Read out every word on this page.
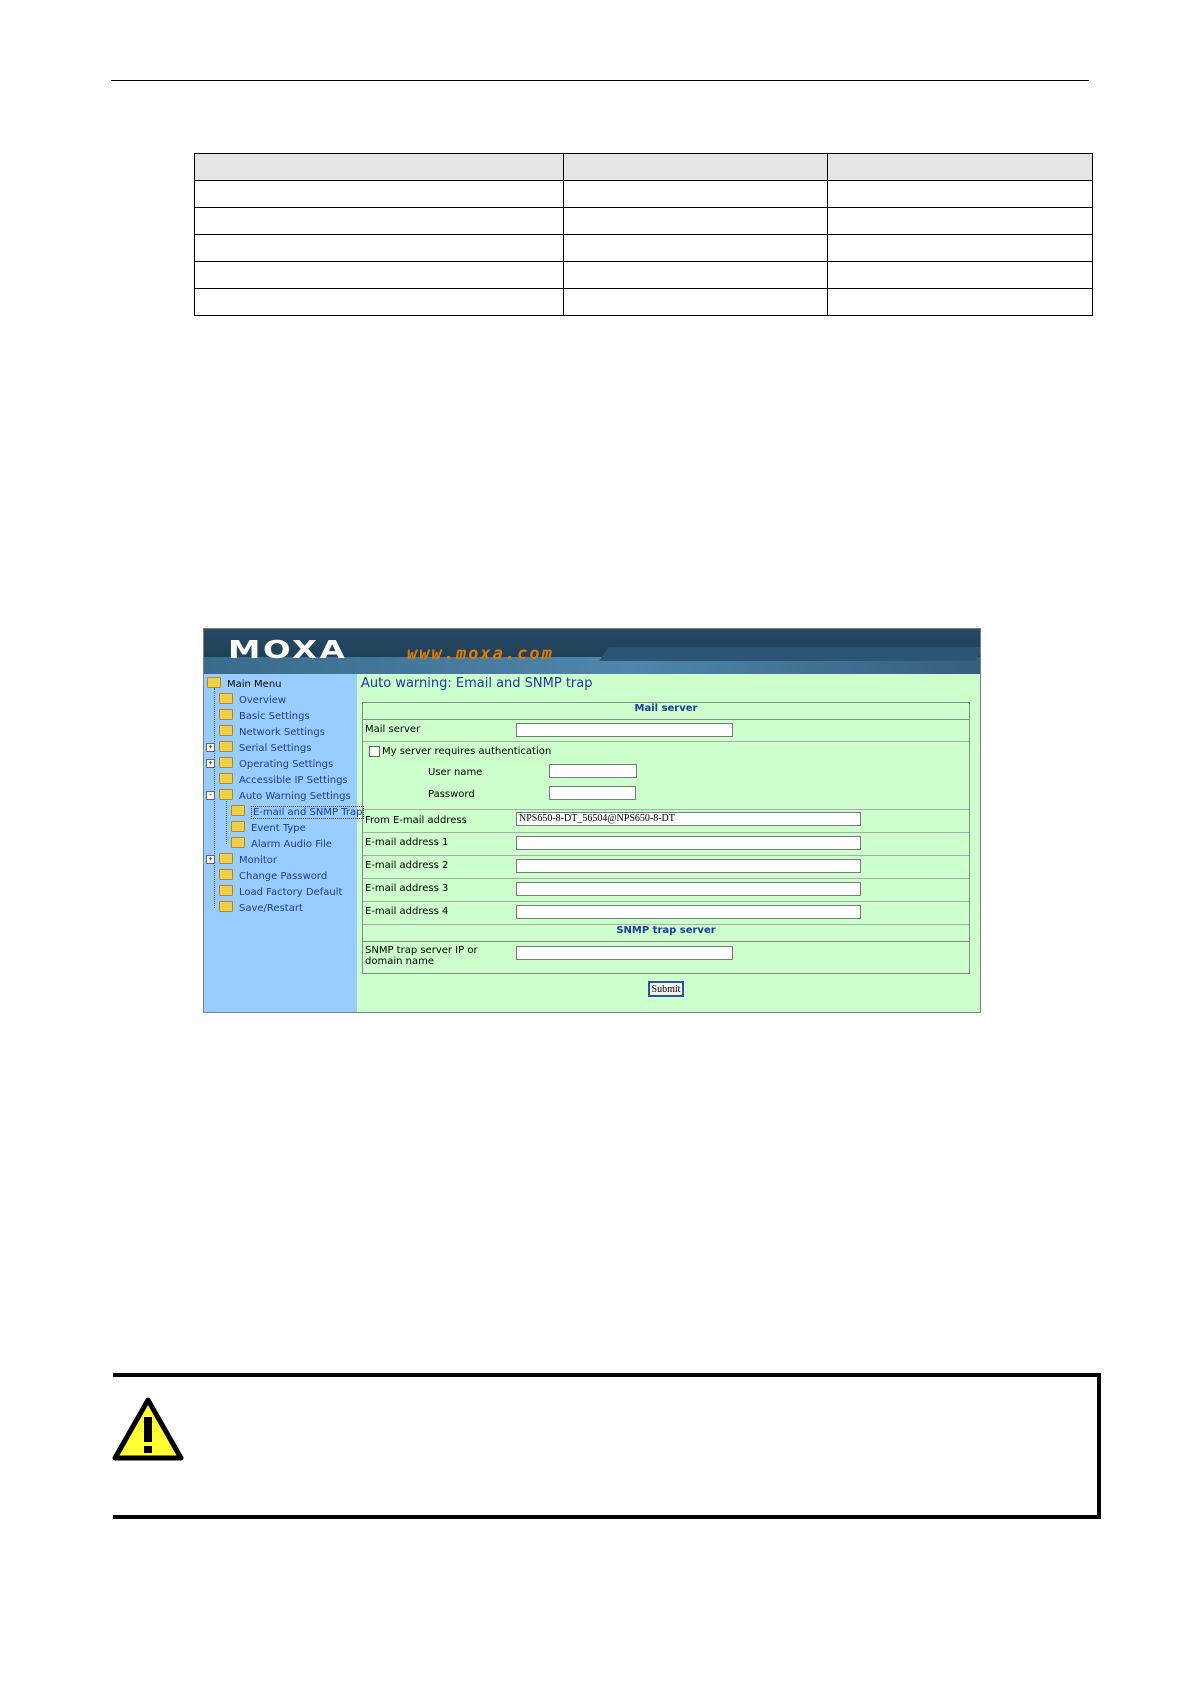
MOXA	www.moxa.com
Main Menu
Overview
Basic Settings
Network Settings
+	Serial Settings
+	Operating Settings
Accessible IP Settings
-	Auto Warning Settings
E-mail and SNMP Trap
Event Type
Alarm Audio File
+	Monitor
Change Password
Load Factory Default
Save/Restart
Auto warning: Email and SNMP trap
Mail server
Mail server
My server requires authentication
User name
Password
From E-mail address	NPS650-8-DT_56504@NPS650-8-DT
E-mail address 1
E-mail address 2
E-mail address 3
E-mail address 4
SNMP trap server
SNMP trap server IP or
domain name
Submit
